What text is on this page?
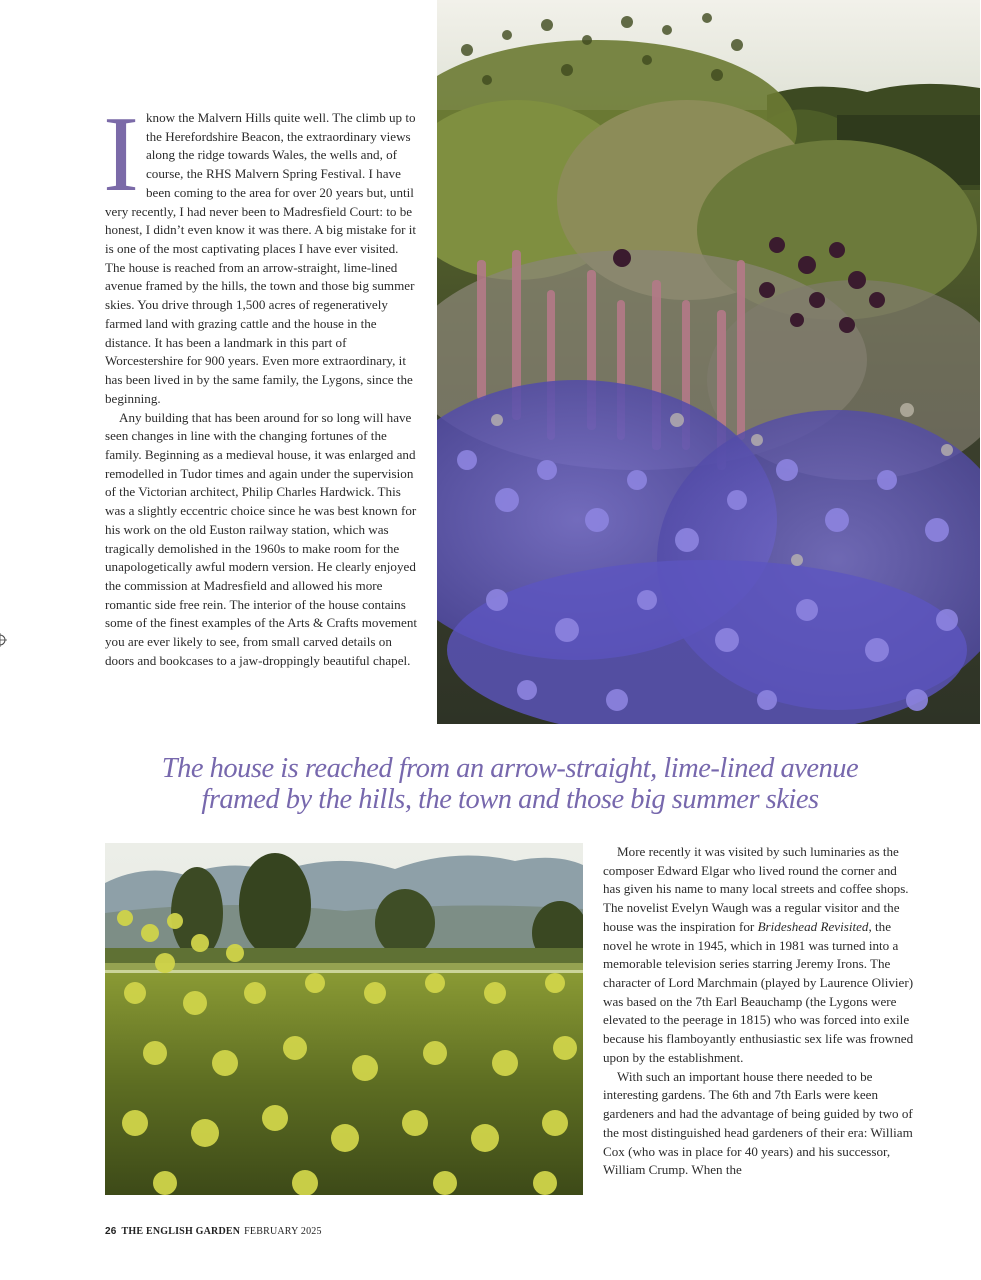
I know the Malvern Hills quite well. The climb up to the Herefordshire Beacon, the extraordinary views along the ridge towards Wales, the wells and, of course, the RHS Malvern Spring Festival. I have been coming to the area for over 20 years but, until very recently, I had never been to Madresfield Court: to be honest, I didn’t even know it was there. A big mistake for it is one of the most captivating places I have ever visited. The house is reached from an arrow-straight, lime-lined avenue framed by the hills, the town and those big summer skies. You drive through 1,500 acres of regeneratively farmed land with grazing cattle and the house in the distance. It has been a landmark in this part of Worcestershire for 900 years. Even more extraordinary, it has been lived in by the same family, the Lygons, since the beginning.

Any building that has been around for so long will have seen changes in line with the changing fortunes of the family. Beginning as a medieval house, it was enlarged and remodelled in Tudor times and again under the supervision of the Victorian architect, Philip Charles Hardwick. This was a slightly eccentric choice since he was best known for his work on the old Euston railway station, which was tragically demolished in the 1960s to make room for the unapologetically awful modern version. He clearly enjoyed the commission at Madresfield and allowed his more romantic side free rein. The interior of the house contains some of the finest examples of the Arts & Crafts movement you are ever likely to see, from small carved details on doors and bookcases to a jaw-droppingly beautiful chapel.

The house is reached from an arrow-straight, lime-lined avenue
framed by the hills, the town and those big summer skies

More recently it was visited by such luminaries as the composer Edward Elgar who lived round the corner and has given his name to many local streets and coffee shops. The novelist Evelyn Waugh was a regular visitor and the house was the inspiration for Brideshead Revisited, the novel he wrote in 1945, which in 1981 was turned into a memorable television series starring Jeremy Irons. The character of Lord Marchmain (played by Laurence Olivier) was based on the 7th Earl Beauchamp (the Lygons were elevated to the peerage in 1815) who was forced into exile because his flamboyantly enthusiastic sex life was frowned upon by the establishment.

With such an important house there needed to be interesting gardens. The 6th and 7th Earls were keen gardeners and had the advantage of being guided by two of the most distinguished head gardeners of their era: William Cox (who was in place for 40 years) and his successor, William Crump. When the

26 THE ENGLISH GARDEN FEBRUARY 2025
